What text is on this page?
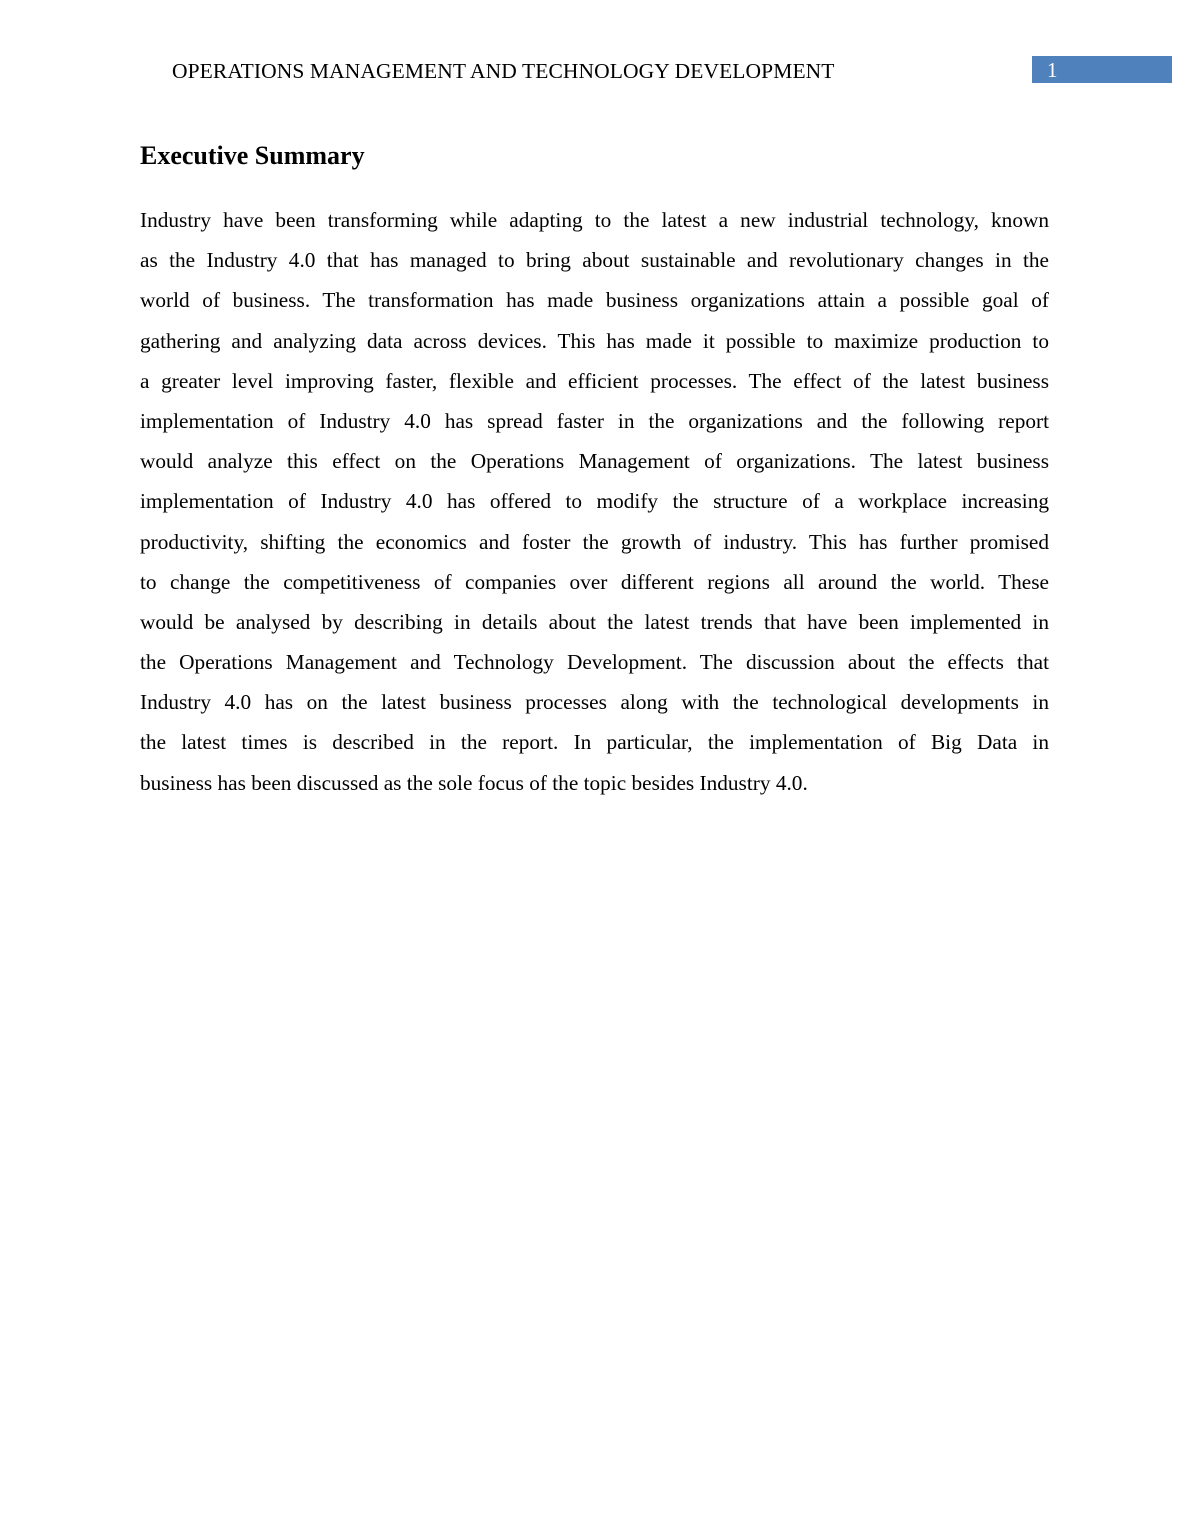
OPERATIONS MANAGEMENT AND TECHNOLOGY DEVELOPMENT	1
Executive Summary

Industry have been transforming while adapting to the latest a new industrial technology, known
as the Industry 4.0 that has managed to bring about sustainable and revolutionary changes in the
world of business. The transformation has made business organizations attain a possible goal of
gathering and analyzing data across devices. This has made it possible to maximize production to
a greater level improving faster, flexible and efficient processes. The effect of the latest business
implementation of Industry 4.0 has spread faster in the organizations and the following report
would analyze this effect on the Operations Management of organizations. The latest business
implementation of Industry 4.0 has offered to modify the structure of a workplace increasing
productivity, shifting the economics and foster the growth of industry. This has further promised
to change the competitiveness of companies over different regions all around the world. These
would be analysed by describing in details about the latest trends that have been implemented in
the Operations Management and Technology Development. The discussion about the effects that
Industry 4.0 has on the latest business processes along with the technological developments in
the latest times is described in the report. In particular, the implementation of Big Data in
business has been discussed as the sole focus of the topic besides Industry 4.0.
